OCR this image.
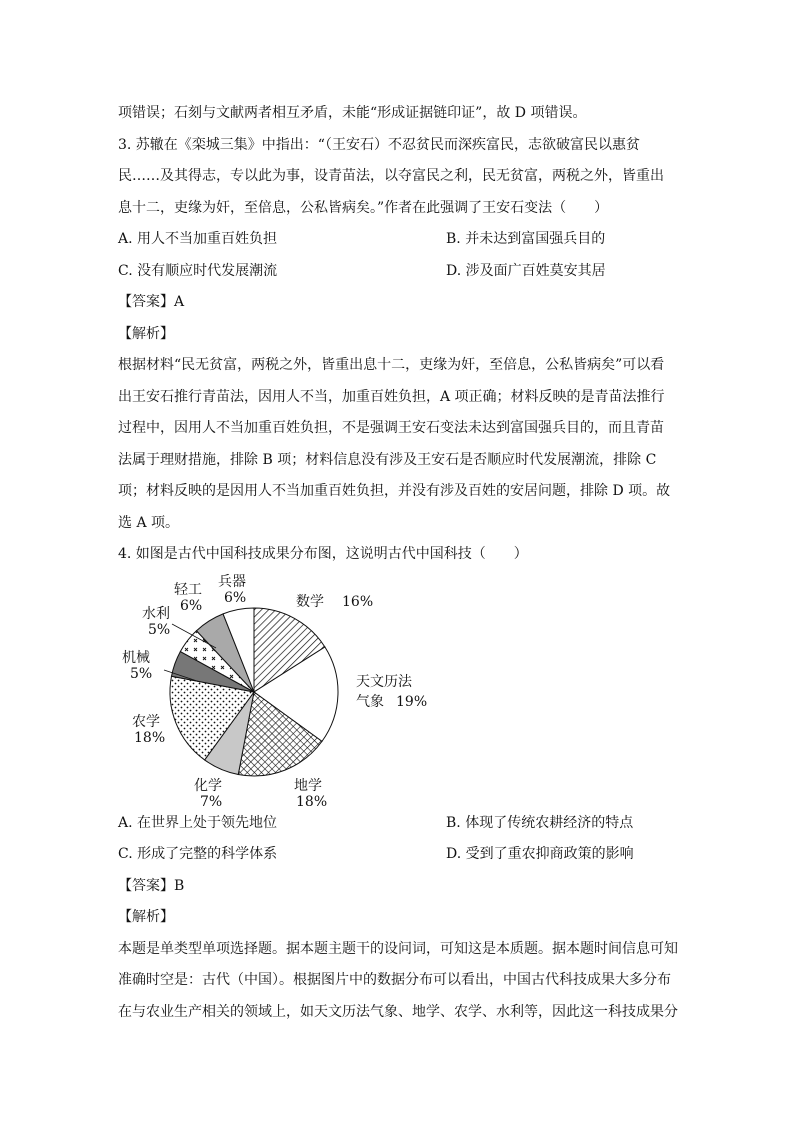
项错误；石刻与文献两者相互矛盾，未能“形成证据链印证”，故 D 项错误。

3. 苏辙在《栾城三集》中指出：“（王安石）不忍贫民而深疾富民，志欲破富民以惠贫

民……及其得志，专以此为事，设青苗法，以夺富民之利，民无贫富，两税之外，皆重出

息十二，吏缘为奸，至倍息，公私皆病矣。”作者在此强调了王安石变法（　　）

A. 用人不当加重百姓负担	B. 并未达到富国强兵目的
C. 没有顺应时代发展潮流	D. 涉及面广百姓莫安其居

【答案】A

【解析】

根据材料“民无贫富，两税之外，皆重出息十二，吏缘为奸，至倍息，公私皆病矣”可以看

出王安石推行青苗法，因用人不当，加重百姓负担，A 项正确；材料反映的是青苗法推行

过程中，因用人不当加重百姓负担，不是强调王安石变法未达到富国强兵目的，而且青苗

法属于理财措施，排除 B 项；材料信息没有涉及王安石是否顺应时代发展潮流，排除 C

项；材料反映的是因用人不当加重百姓负担，并没有涉及百姓的安居问题，排除 D 项。故

选 A 项。

4. 如图是古代中国科技成果分布图，这说明古代中国科技（　　）

数学 16%
天文历法
气象 19%
地学
18%
化学
7%
农学
18%
机械
5%
水利
5%
轻工
6%
兵器
6%
A. 在世界上处于领先地位	B. 体现了传统农耕经济的特点
C. 形成了完整的科学体系	D. 受到了重农抑商政策的影响

【答案】B

【解析】

本题是单类型单项选择题。据本题主题干的设问词，可知这是本质题。据本题时间信息可知

准确时空是：古代（中国）。根据图片中的数据分布可以看出，中国古代科技成果大多分布

在与农业生产相关的领域上，如天文历法气象、地学、农学、水利等，因此这一科技成果分
